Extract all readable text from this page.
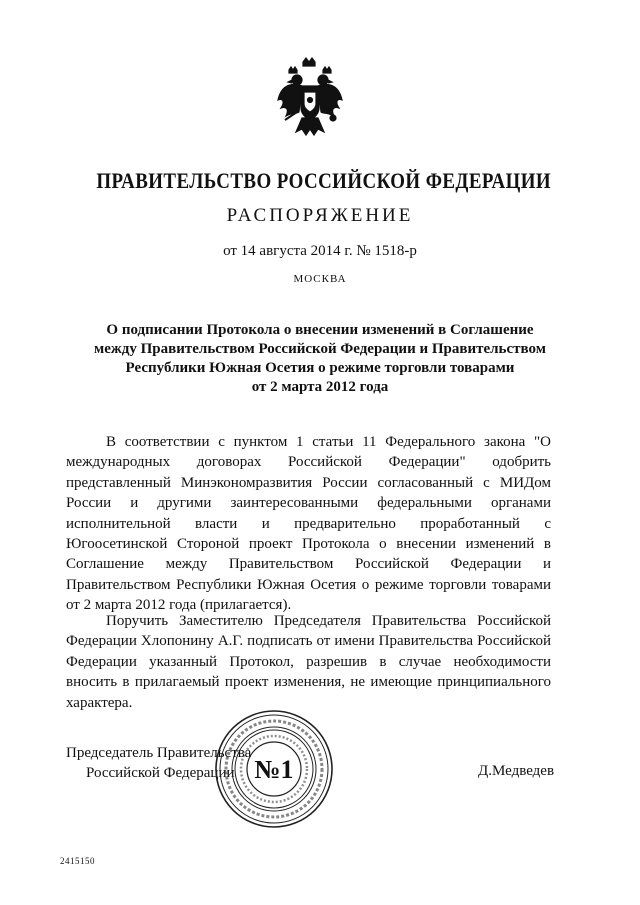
ПРАВИТЕЛЬСТВО РОССИЙСКОЙ ФЕДЕРАЦИИ
РАСПОРЯЖЕНИЕ
от 14 августа 2014 г. № 1518-р
МОСКВА
О подписании Протокола о внесении изменений в Соглашение
между Правительством Российской Федерации и Правительством
Республики Южная Осетия о режиме торговли товарами
от 2 марта 2012 года
В соответствии с пунктом 1 статьи 11 Федерального закона "О международных договорах Российской Федерации" одобрить представленный Минэкономразвития России согласованный с МИДом России и другими заинтересованными федеральными органами исполнительной власти и предварительно проработанный с Югоосетинской Стороной проект Протокола о внесении изменений в Соглашение между Правительством Российской Федерации и Правительством Республики Южная Осетия о режиме торговли товарами от 2 марта 2012 года (прилагается).
Поручить Заместителю Председателя Правительства Российской Федерации Хлопонину А.Г. подписать от имени Правительства Российской Федерации указанный Протокол, разрешив в случае необходимости вносить в прилагаемый проект изменения, не имеющие принципиального характера.
Председатель Правительства
Российской Федерации	Д.Медведев
№1
2415150
